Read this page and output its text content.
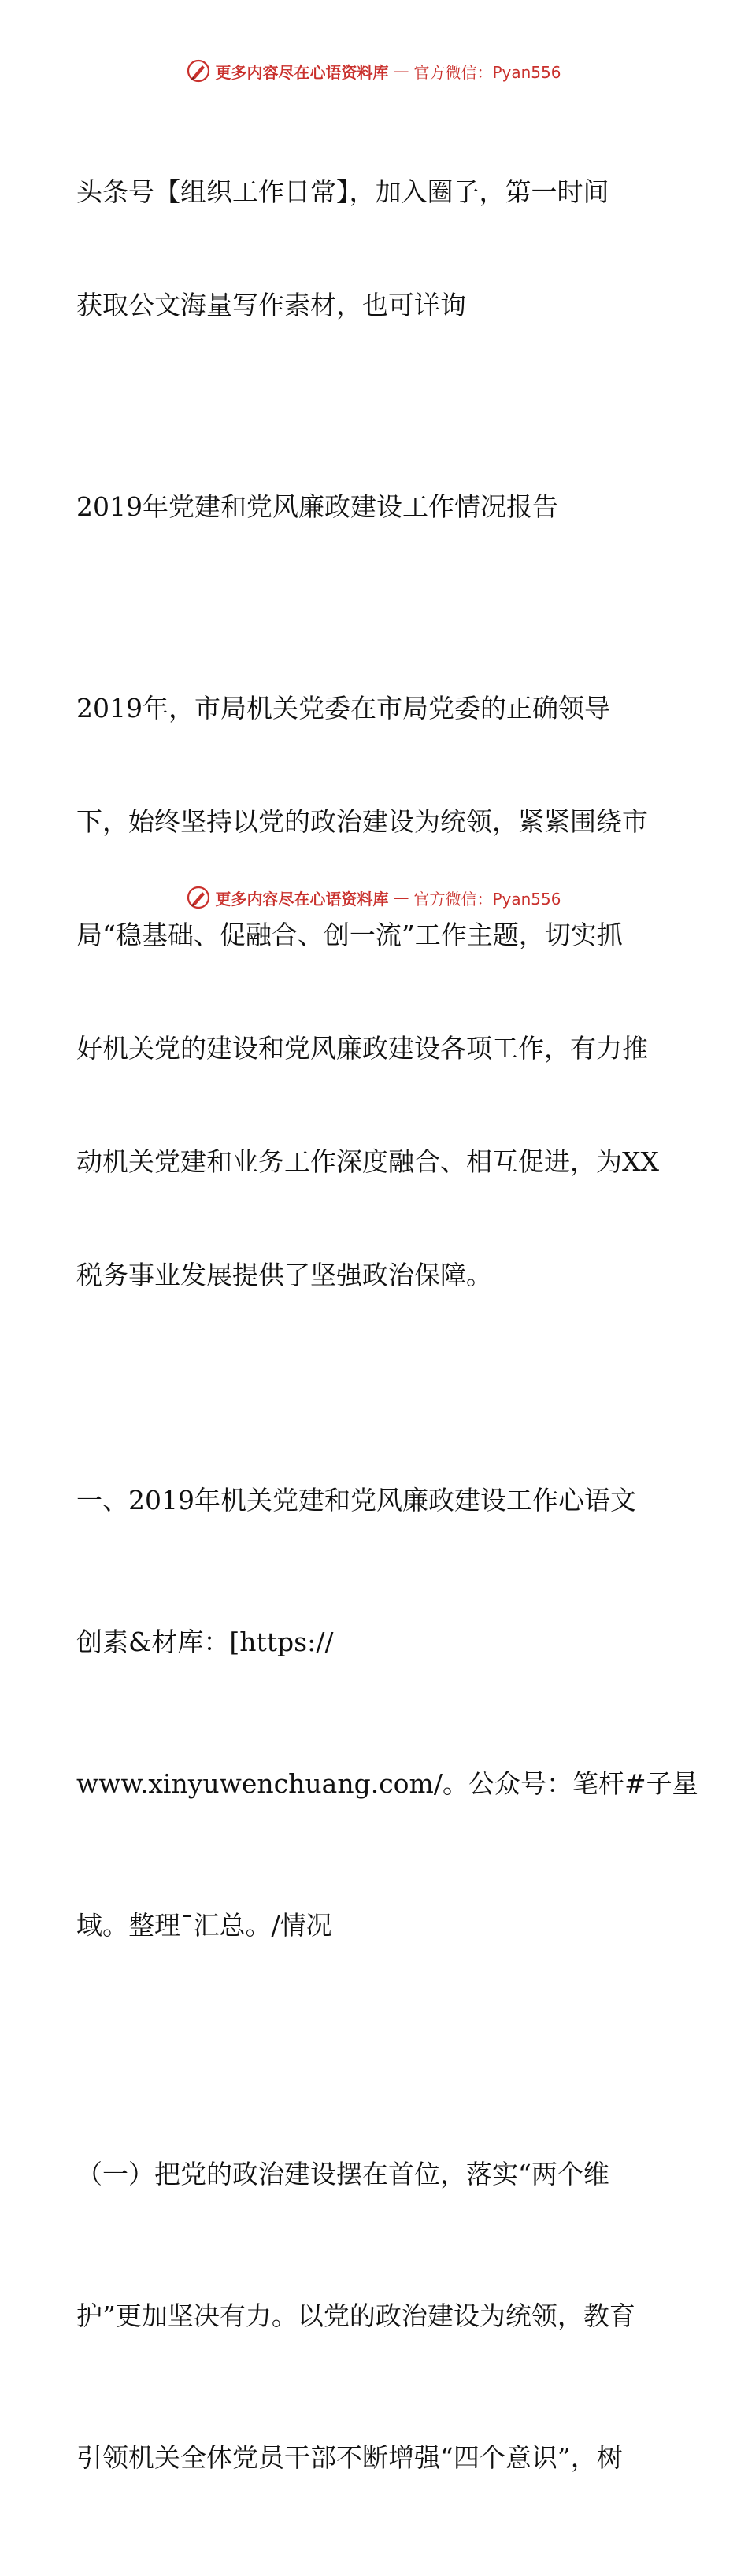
更多内容尽在心语资料库 — 官方微信：Pyan556

头条号【组织工作日常】，加入圈子，第一时间

获取公文海量写作素材，也可详询

2019年党建和党风廉政建设工作情况报告

2019年，市局机关党委在市局党委的正确领导

下，始终坚持以党的政治建设为统领，紧紧围绕市

局“稳基础、促融合、创一流”工作主题，切实抓

好机关党的建设和党风廉政建设各项工作，有力推

动机关党建和业务工作深度融合、相互促进，为XX

税务事业发展提供了坚强政治保障。

一、2019年机关党建和党风廉政建设工作心语文

创素&材库：[https://

www.xinyuwenchuang.com/。公众号：笔杆#子星

域。整理¯汇总。/情况

（一）把党的政治建设摆在首位，落实“两个维

护”更加坚决有力。以党的政治建设为统领，教育

引领机关全体党员干部不断增强“四个意识”，树

更多内容尽在心语资料库 — 官方微信：Pyan556
